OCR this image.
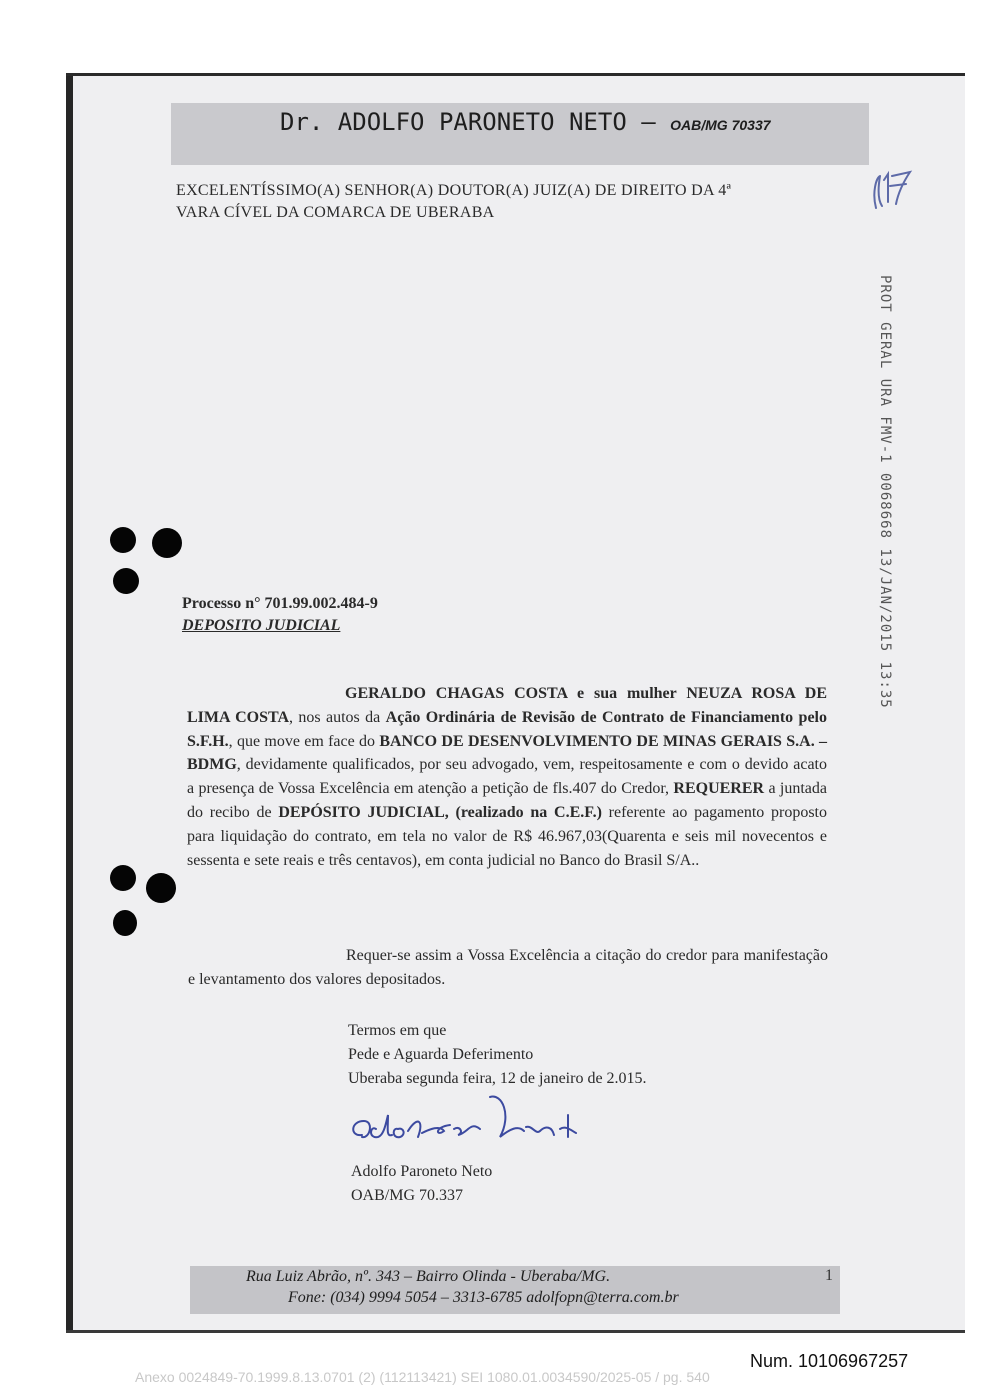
Dr. ADOLFO PARONETO NETO – OAB/MG 70337
EXCELENTÍSSIMO(A) SENHOR(A) DOUTOR(A) JUIZ(A) DE DIREITO DA 4ª
VARA CÍVEL DA COMARCA DE UBERABA
PROT GERAL URA FMV-1 0068668 13/JAN/2015 13:35
Processo n° 701.99.002.484-9
DEPOSITO JUDICIAL
GERALDO CHAGAS COSTA e sua mulher NEUZA ROSA DE LIMA COSTA, nos autos da Ação Ordinária de Revisão de Contrato de Financiamento pelo S.F.H., que move em face do BANCO DE DESENVOLVIMENTO DE MINAS GERAIS S.A. – BDMG, devidamente qualificados, por seu advogado, vem, respeitosamente e com o devido acato a presença de Vossa Excelência em atenção a petição de fls.407 do Credor, REQUERER a juntada do recibo de DEPÓSITO JUDICIAL, (realizado na C.E.F.) referente ao pagamento proposto para liquidação do contrato, em tela no valor de R$ 46.967,03(Quarenta e seis mil novecentos e sessenta e sete reais e três centavos), em conta judicial no Banco do Brasil S/A..
Requer-se assim a Vossa Excelência a citação do credor para manifestação e levantamento dos valores depositados.
Termos em que
Pede e Aguarda Deferimento
Uberaba segunda feira, 12 de janeiro de 2.015.
Adolfo Paroneto Neto
OAB/MG 70.337
Rua Luiz Abrão, nº. 343 – Bairro Olinda - Uberaba/MG.
Fone: (034) 9994 5054 – 3313-6785 adolfopn@terra.com.br
1
Num. 10106967257
Anexo 0024849-70.1999.8.13.0701 (2) (112113421) SEI 1080.01.0034590/2025-05 / pg. 540
